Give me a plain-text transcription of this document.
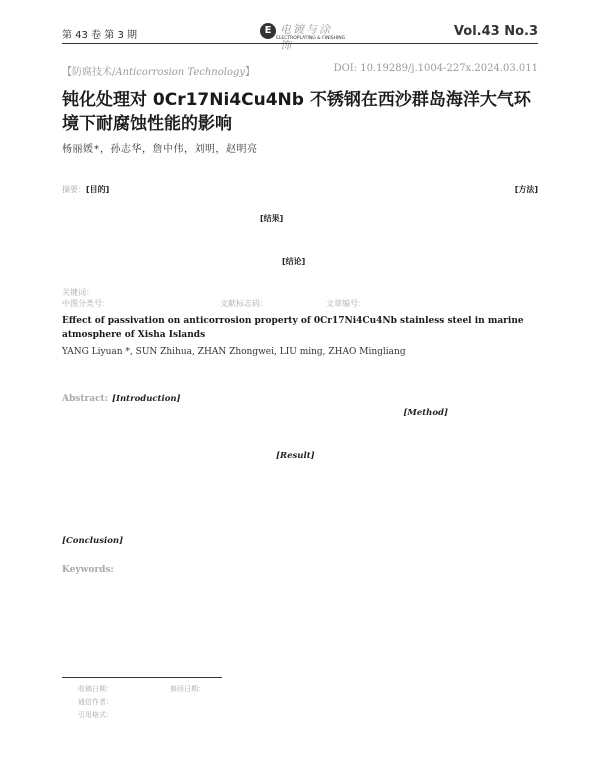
第 43 卷 第 3 期	E 电镀与涂饰
ELECTROPLATING & FINISHING	Vol.43 No.3
【防腐技术/Anticorrosion Technology】	DOI: 10.19289/j.1004-227x.2024.03.011
钝化处理对 0Cr17Ni4Cu4Nb 不锈钢在西沙群岛海洋大气环境下耐腐蚀性能的影响
杨丽媛*，孙志华，詹中伟，刘明，赵明亮
摘要： [目的]	[方法]
[结果]
[结论]
关键词：
中图分类号：	文献标志码：	文章编号：
Effect of passivation on anticorrosion property of 0Cr17Ni4Cu4Nb stainless steel in marine atmosphere of Xisha Islands
YANG Liyuan *, SUN Zhihua, ZHAN Zhongwei, LIU ming, ZHAO Mingliang
Abstract: [Introduction]
[Method]
[Result]
[Conclusion]
Keywords:
收稿日期：	修回日期：
通信作者：
引用格式：
